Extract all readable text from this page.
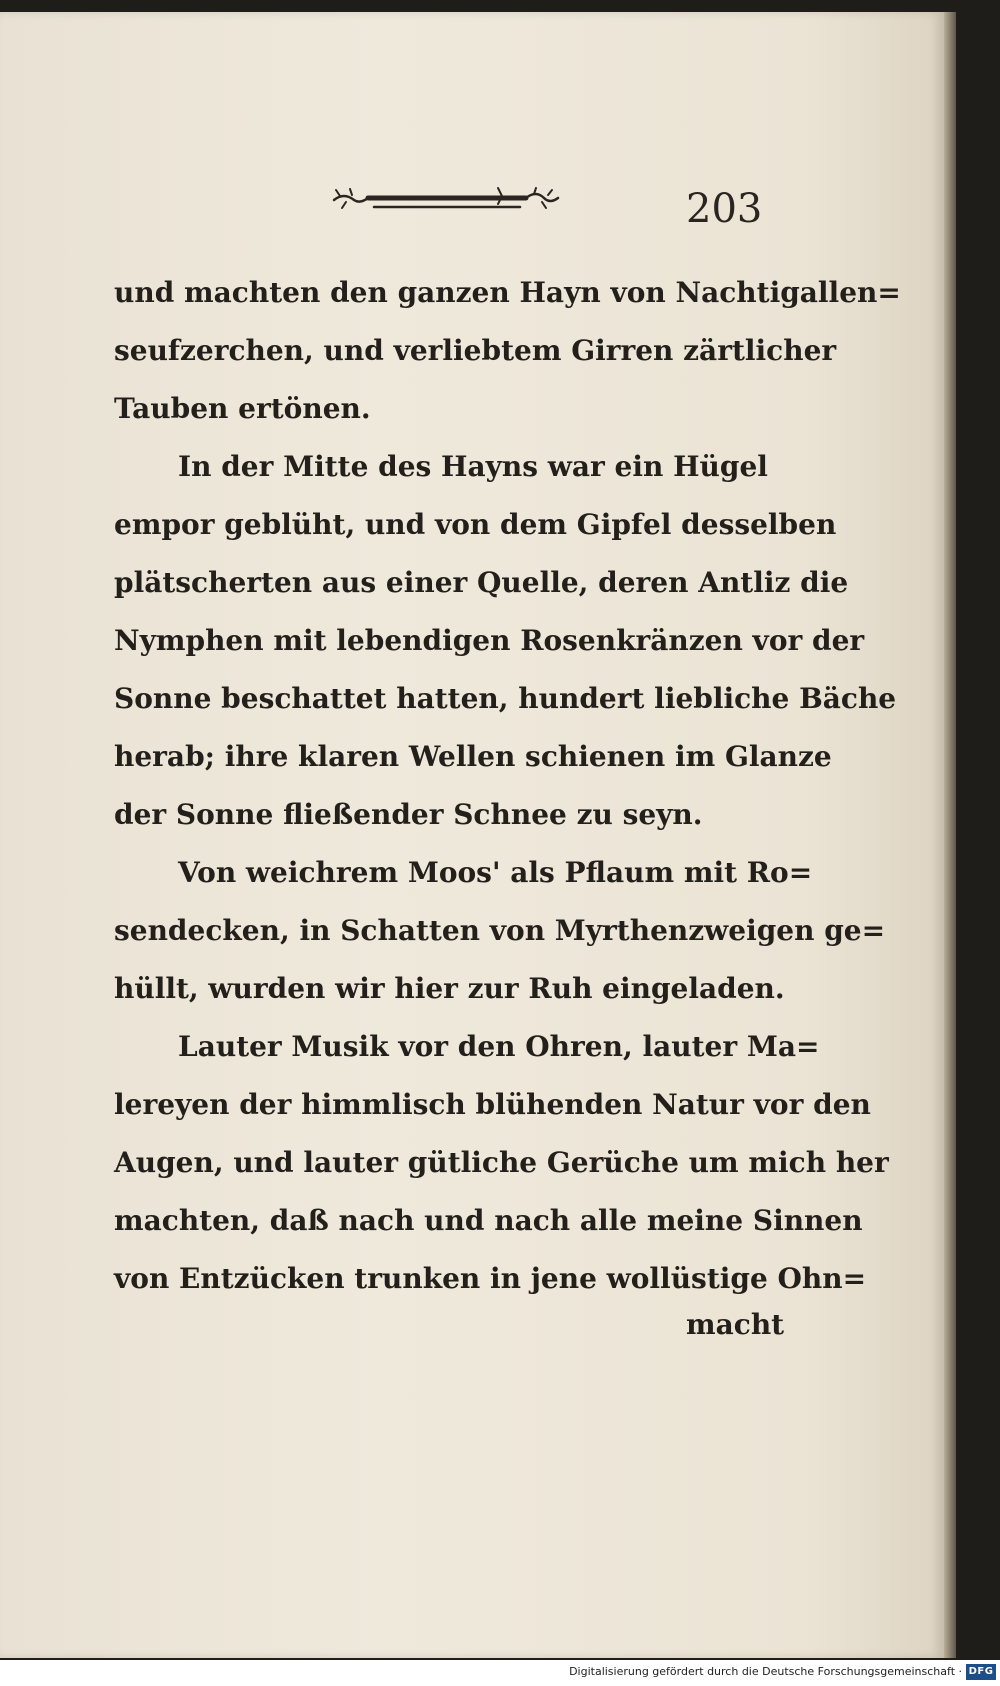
203
und machten den ganzen Hayn von Nachtigallen=
seufzerchen, und verliebtem Girren zärtlicher
Tauben ertönen.
In der Mitte des Hayns war ein Hügel
empor geblüht, und von dem Gipfel desselben
plätscherten aus einer Quelle, deren Antliz die
Nymphen mit lebendigen Rosenkränzen vor der
Sonne beschattet hatten, hundert liebliche Bäche
herab; ihre klaren Wellen schienen im Glanze
der Sonne fließender Schnee zu seyn.
Von weichrem Moos' als Pflaum mit Ro=
sendecken, in Schatten von Myrthenzweigen ge=
hüllt, wurden wir hier zur Ruh eingeladen.
Lauter Musik vor den Ohren, lauter Ma=
lereyen der himmlisch blühenden Natur vor den
Augen, und lauter gütliche Gerüche um mich her
machten, daß nach und nach alle meine Sinnen
von Entzücken trunken in jene wollüstige Ohn=
macht
Digitalisierung gefördert durch die Deutsche Forschungsgemeinschaft · DFG
